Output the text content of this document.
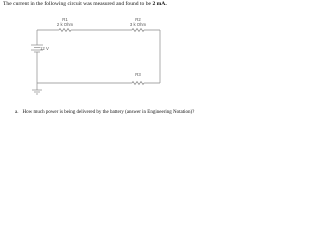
The current in the following circuit was measured and found to be 2 mA.
R1
2 k Ohm
R2
3 k Ohm
R3
12 V
a. How much power is being delivered by the battery (answer in Engineering Notation)?
